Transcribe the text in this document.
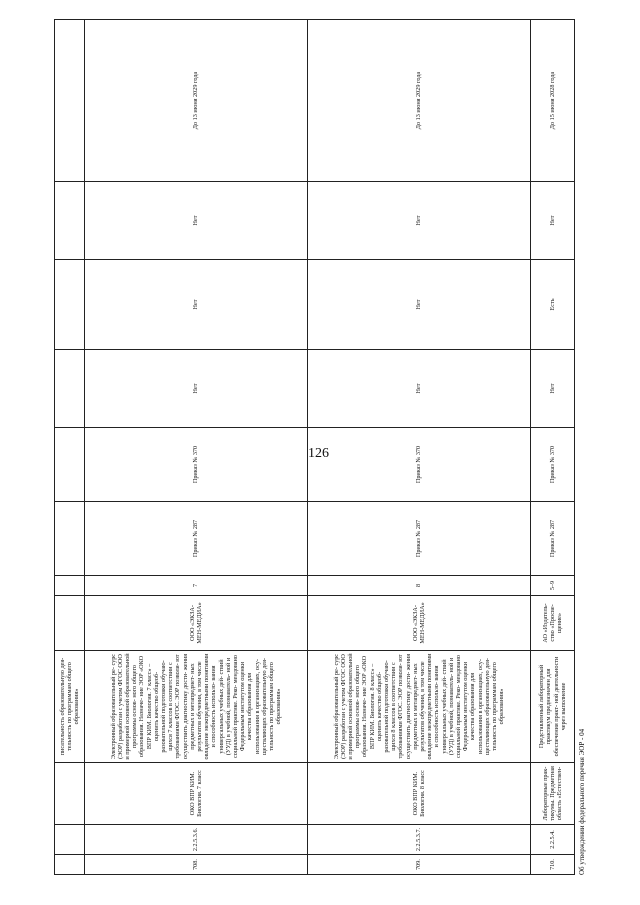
126
Об утверждении федерального перечня ЭОР - 04
			писательность образовательную дея- тельность по программам общего образования»								
708.	2.2.5.3.6.	ОКО ВПР КИМ. Биология. 7 класс	Электронный образовательный ре- сурс (ЭОР) разработан с учетом ФГОС ООО и примерной основной образовательной программы основ- ного общего образования. Назначе- ние ЭОР «ОКО ВПР КИМ. Биология. 7 класс» – оценить качество общеоб- разовательной подготовки обучаю- щихся 7 классов в соответствии с требованиями ФГОС. ЭОР позволя- ют осуществить диагностику дости- жения предметных и метапредмет- ных результатов обучения, в том числе овладение межпредметными понятиями и способность использо- вания универсальных учебных дей- ствий (УУД) в учебной, познаватель- ной и социальной практике. Реко- мендовано Федеральным институтом оценки качества образования для использования в организациях, осу- ществляющих образовательную дея- тельность по программам общего образования»	ООО «ЭКЗА- МЕН-МЕДИА»	7	Приказ № 287	Приказ № 370	Нет	Нет	Нет	До 13 июня 2029 года
709.	2.2.5.3.7.	ОКО ВПР КИМ. Биология. 8 класс	Электронный образовательный ре- сурс (ЭОР) разработан с учетом ФГОС ООО и примерной основной образовательной программы основ- ного общего образования. Назначе- ние ЭОР «ОКО ВПР КИМ. Биология. 8 класс» – оценить качество общеоб- разовательной подготовки обучаю- щихся 8 классов в соответствии с требованиями ФГОС. ЭОР позволя- ют осуществить диагностику дости- жения предметных и метапредмет- ных результатов обучения, в том числе овладение межпредметными понятиями и способность использо- вания универсальных учебных дей- ствий (УУД) в учебной, познаватель- ной и социальной практике. Реко- мендовано Федеральным институтом оценки качества образования для использования в организациях, осу- ществляющих образовательную дея- тельность по программам общего образования»	ООО «ЭКЗА- МЕН-МЕДИА»	8	Приказ № 287	Приказ № 370	Нет	Нет	Нет	До 13 июня 2029 года
710.	2.2.5.4.	Лабораторные прак- тикумы. Предметная область «Естествен-	Представленный лабораторный практикум предназначен для обеспечения практ- ной деятельности через выполнение	АО «Издатель- ство «Просве- щение»	5–9	Приказ № 287	Приказ № 370	Нет	Есть	Нет	До 15 июня 2028 года
